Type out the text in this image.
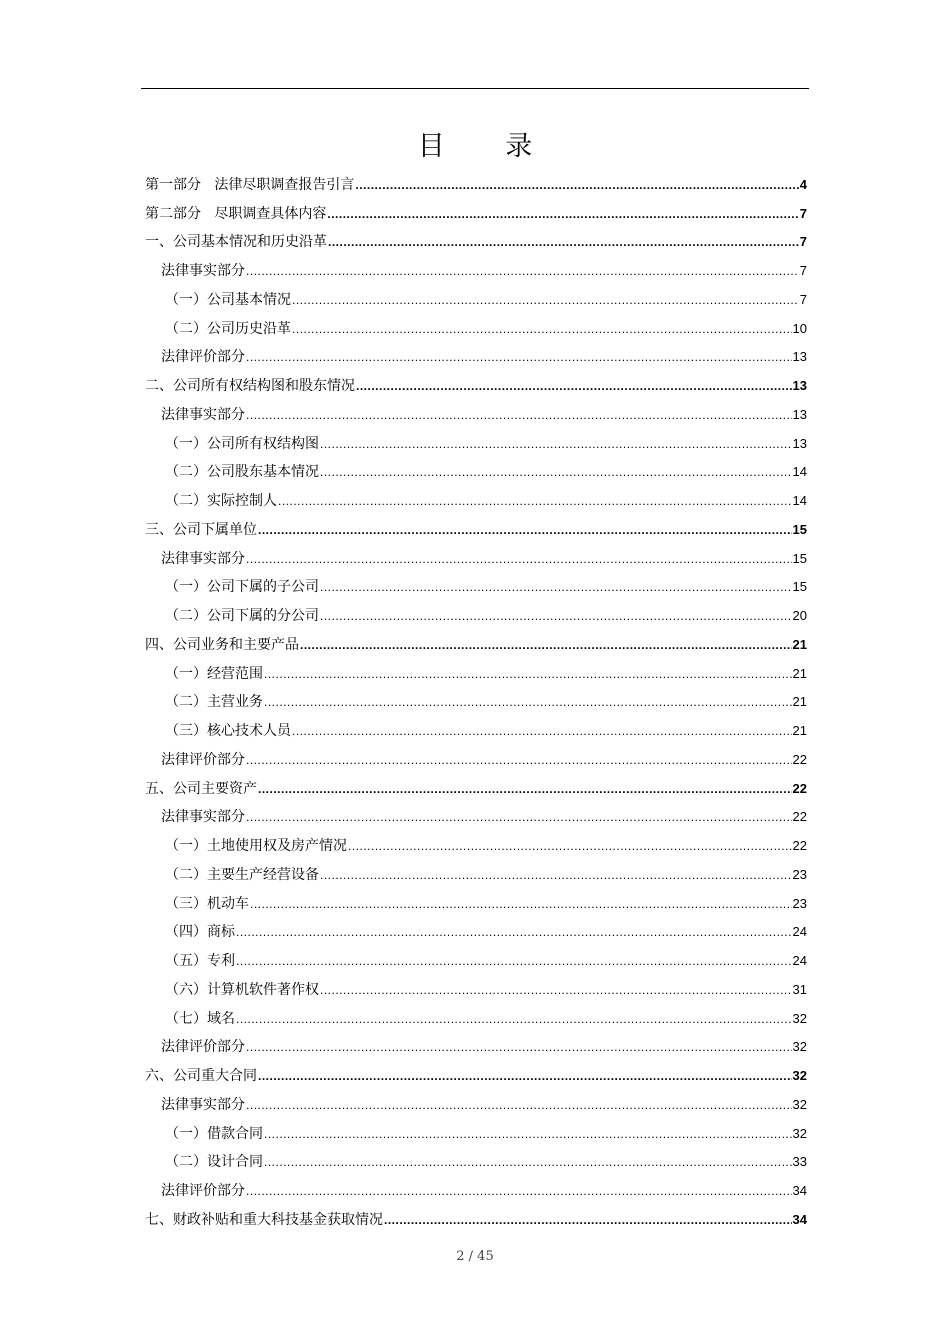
目 录
第一部分   法律尽职调查报告引言 .....	4
第二部分   尽职调查具体内容 .....	7
一、公司基本情况和历史沿革 .....	7
法律事实部分 .....	7
（一）公司基本情况 .....	7
（二）公司历史沿革 .....	10
法律评价部分 .....	13
二、公司所有权结构图和股东情况 .....	13
法律事实部分 .....	13
（一）公司所有权结构图 .....	13
（二）公司股东基本情况 .....	14
（二）实际控制人 .....	14
三、公司下属单位 .....	15
法律事实部分 .....	15
（一）公司下属的子公司 .....	15
（二）公司下属的分公司 .....	20
四、公司业务和主要产品 .....	21
（一）经营范围 .....	21
（二）主营业务 .....	21
（三）核心技术人员 .....	21
法律评价部分 .....	22
五、公司主要资产 .....	22
法律事实部分 .....	22
（一）土地使用权及房产情况 .....	22
（二）主要生产经营设备 .....	23
（三）机动车 .....	23
（四）商标 .....	24
（五）专利 .....	24
（六）计算机软件著作权 .....	31
（七）域名 .....	32
法律评价部分 .....	32
六、公司重大合同 .....	32
法律事实部分 .....	32
（一）借款合同 .....	32
（二）设计合同 .....	33
法律评价部分 .....	34
七、财政补贴和重大科技基金获取情况 .....	34
2 / 45
